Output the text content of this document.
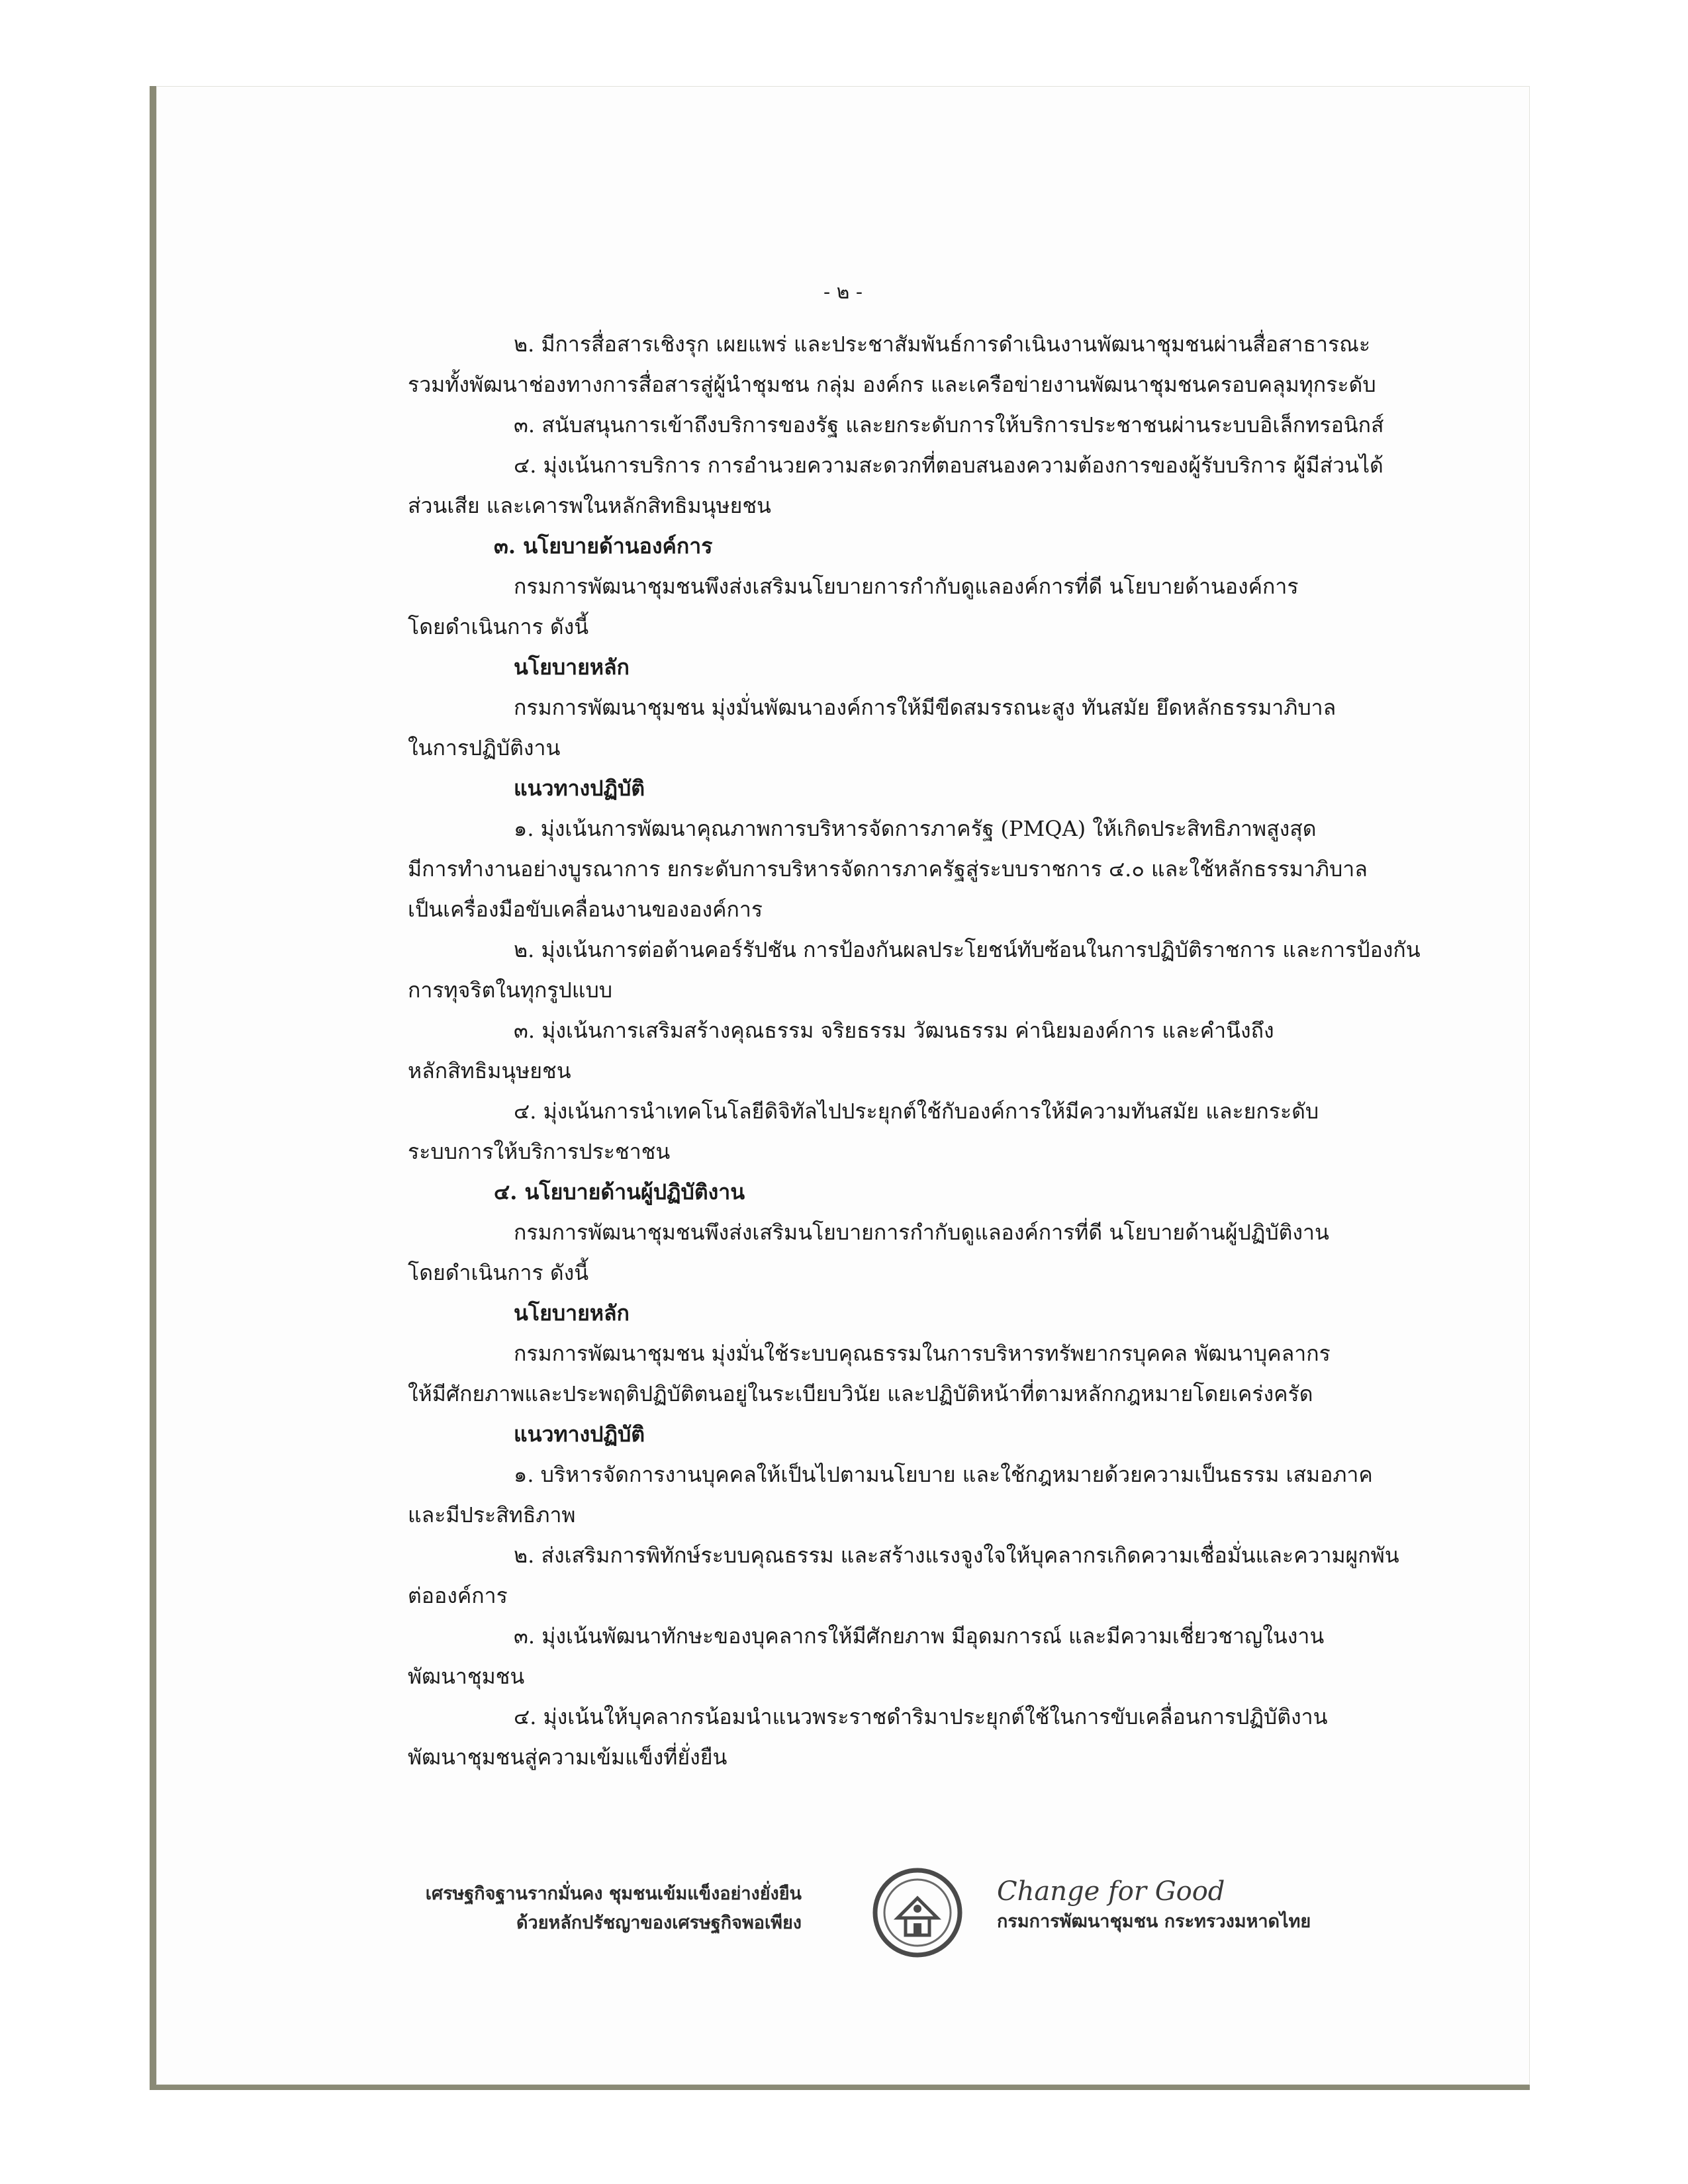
- ๒ -
๒. มีการสื่อสารเชิงรุก เผยแพร่ และประชาสัมพันธ์การดำเนินงานพัฒนาชุมชนผ่านสื่อสาธารณะ
รวมทั้งพัฒนาช่องทางการสื่อสารสู่ผู้นำชุมชน กลุ่ม องค์กร และเครือข่ายงานพัฒนาชุมชนครอบคลุมทุกระดับ
๓. สนับสนุนการเข้าถึงบริการของรัฐ และยกระดับการให้บริการประชาชนผ่านระบบอิเล็กทรอนิกส์
๔. มุ่งเน้นการบริการ การอำนวยความสะดวกที่ตอบสนองความต้องการของผู้รับบริการ ผู้มีส่วนได้
ส่วนเสีย และเคารพในหลักสิทธิมนุษยชน
๓. นโยบายด้านองค์การ
กรมการพัฒนาชุมชนพึงส่งเสริมนโยบายการกำกับดูแลองค์การที่ดี นโยบายด้านองค์การ
โดยดำเนินการ ดังนี้
นโยบายหลัก
กรมการพัฒนาชุมชน มุ่งมั่นพัฒนาองค์การให้มีขีดสมรรถนะสูง ทันสมัย ยึดหลักธรรมาภิบาล
ในการปฏิบัติงาน
แนวทางปฏิบัติ
๑. มุ่งเน้นการพัฒนาคุณภาพการบริหารจัดการภาครัฐ (PMQA) ให้เกิดประสิทธิภาพสูงสุด
มีการทำงานอย่างบูรณาการ ยกระดับการบริหารจัดการภาครัฐสู่ระบบราชการ ๔.๐ และใช้หลักธรรมาภิบาล
เป็นเครื่องมือขับเคลื่อนงานขององค์การ
๒. มุ่งเน้นการต่อต้านคอร์รัปชัน การป้องกันผลประโยชน์ทับซ้อนในการปฏิบัติราชการ และการป้องกัน
การทุจริตในทุกรูปแบบ
๓. มุ่งเน้นการเสริมสร้างคุณธรรม จริยธรรม วัฒนธรรม ค่านิยมองค์การ และคำนึงถึง
หลักสิทธิมนุษยชน
๔. มุ่งเน้นการนำเทคโนโลยีดิจิทัลไปประยุกต์ใช้กับองค์การให้มีความทันสมัย และยกระดับ
ระบบการให้บริการประชาชน
๔. นโยบายด้านผู้ปฏิบัติงาน
กรมการพัฒนาชุมชนพึงส่งเสริมนโยบายการกำกับดูแลองค์การที่ดี นโยบายด้านผู้ปฏิบัติงาน
โดยดำเนินการ ดังนี้
นโยบายหลัก
กรมการพัฒนาชุมชน มุ่งมั่นใช้ระบบคุณธรรมในการบริหารทรัพยากรบุคคล พัฒนาบุคลากร
ให้มีศักยภาพและประพฤติปฏิบัติตนอยู่ในระเบียบวินัย และปฏิบัติหน้าที่ตามหลักกฎหมายโดยเคร่งครัด
แนวทางปฏิบัติ
๑. บริหารจัดการงานบุคคลให้เป็นไปตามนโยบาย และใช้กฎหมายด้วยความเป็นธรรม เสมอภาค
และมีประสิทธิภาพ
๒. ส่งเสริมการพิทักษ์ระบบคุณธรรม และสร้างแรงจูงใจให้บุคลากรเกิดความเชื่อมั่นและความผูกพัน
ต่อองค์การ
๓. มุ่งเน้นพัฒนาทักษะของบุคลากรให้มีศักยภาพ มีอุดมการณ์ และมีความเชี่ยวชาญในงาน
พัฒนาชุมชน
๔. มุ่งเน้นให้บุคลากรน้อมนำแนวพระราชดำริมาประยุกต์ใช้ในการขับเคลื่อนการปฏิบัติงาน
พัฒนาชุมชนสู่ความเข้มแข็งที่ยั่งยืน
เศรษฐกิจฐานรากมั่นคง ชุมชนเข้มแข็งอย่างยั่งยืน
ด้วยหลักปรัชญาของเศรษฐกิจพอเพียง
Change for Good
กรมการพัฒนาชุมชน กระทรวงมหาดไทย
